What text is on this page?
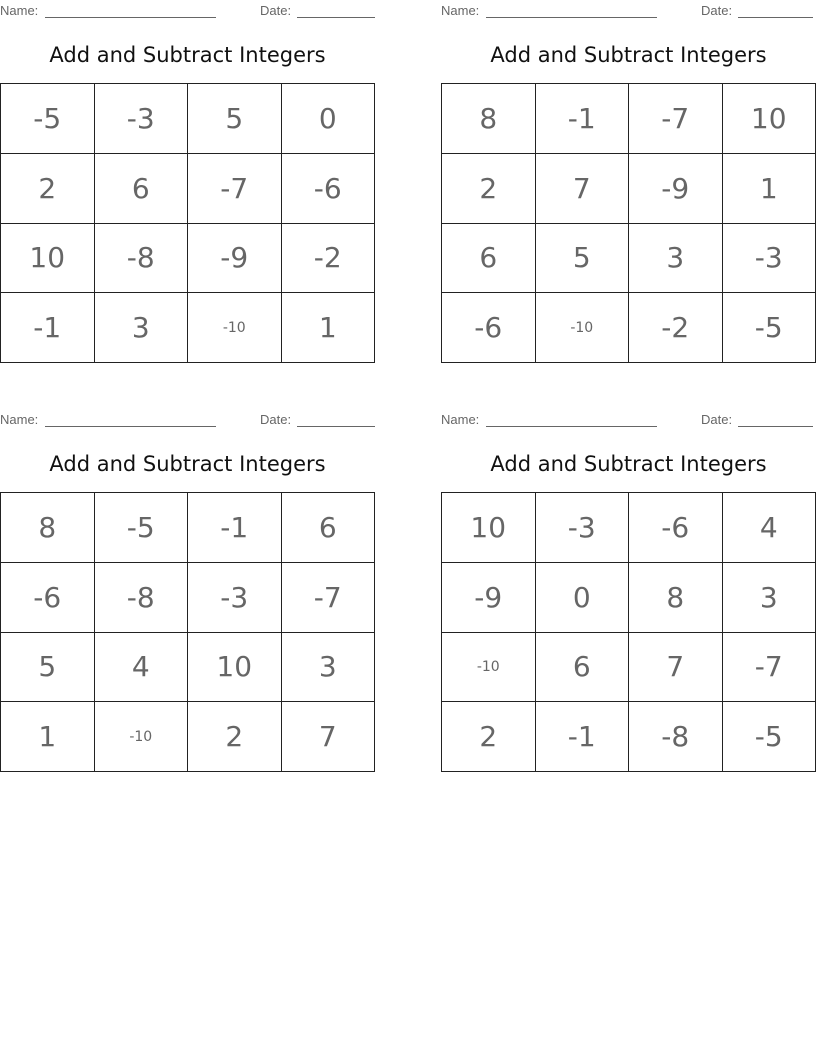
Name:	Date:
Add and Subtract Integers
-5	-3	5	0
2	6	-7	-6
10	-8	-9	-2
-1	3	-10	1
Name:	Date:
Add and Subtract Integers
8	-1	-7	10
2	7	-9	1
6	5	3	-3
-6	-10	-2	-5
Name:	Date:
Add and Subtract Integers
8	-5	-1	6
-6	-8	-3	-7
5	4	10	3
1	-10	2	7
Name:	Date:
Add and Subtract Integers
10	-3	-6	4
-9	0	8	3
-10	6	7	-7
2	-1	-8	-5
